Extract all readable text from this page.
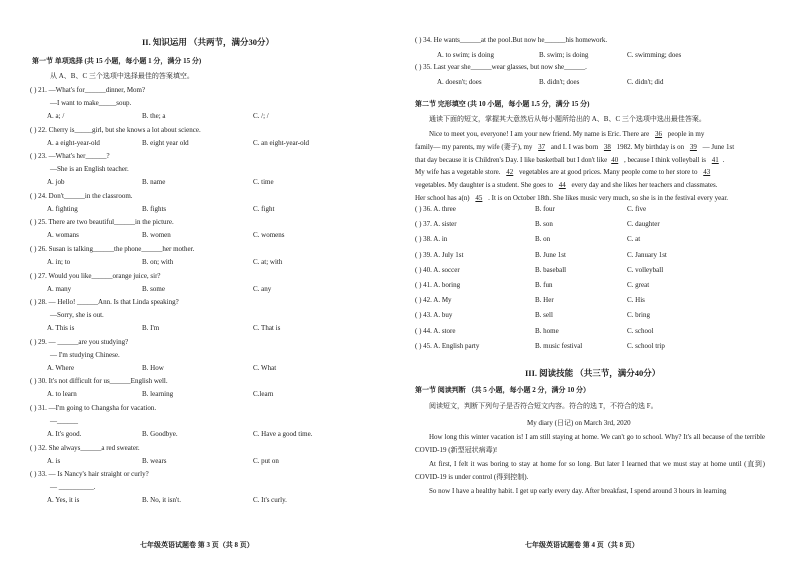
II. 知识运用 （共两节，满分30分）
第一节 单项选择 (共 15 小题，每小题 1 分，满分 15 分)
从 A、B、C 三个选项中选择最佳的答案填空。
( ) 21. —What's for______dinner, Mom?
—I want to make_____soup.
A. a; /	B. the; a	C. /; /
( ) 22. Cherry is_____girl, but she knows a lot about science.
A. a eight-year-old	B. eight year old	C. an eight-year-old
( ) 23. —What's her______?
—She is an English teacher.
A. job	B. name	C. time
( ) 24. Don't______in the classroom.
A. fighting	B. fights	C. fight
( ) 25. There are two beautiful______in the picture.
A. womans	B. women	C. womens
( ) 26. Susan is talking______the phone______her mother.
A. in; to	B. on; with	C. at; with
( ) 27. Would you like______orange juice, sir?
A. many	B. some	C. any
( ) 28. — Hello! ______Ann. Is that Linda speaking?
—Sorry, she is out.
A. This is	B. I'm	C. That is
( ) 29. — ______are you studying?
— I'm studying Chinese.
A. Where	B. How	C. What
( ) 30. It's not difficult for us______English well.
A. to learn	B. learning	C.learn
( ) 31. —I'm going to Changsha for vacation.
—______
A. It's good.	B. Goodbye.	C. Have a good time.
( ) 32. She always______a red sweater.
A. is	B. wears	C. put on
( ) 33. — Is Nancy's hair straight or curly?
— __________.
A. Yes, it is	B. No, it isn't.	C. It's curly.
七年级英语试题卷 第 3 页（共 8 页）
( ) 34. He wants______at the pool.But now he______his homework.
A. to swim; is doing	B. swim; is doing	C. swimming; does
( ) 35. Last year she______wear glasses, but now she______.
A. doesn't; does	B. didn't; does	C. didn't; did
第二节 完形填空 (共 10 小题，每小题 1.5 分，满分 15 分)
通读下面的短文，掌握其大意然后从每小题所给出的 A、B、C 三个选项中选出最佳答案。
Nice to meet you, everyone! I am your new friend. My name is Eric. There are 36 people in my
family— my parents, my wife (妻子), my 37 and I. I was born 38 1982. My birthday is on 39 — June 1st
that day because it is Children's Day. I like basketball but I don't like 40 , because I think volleyball is 41 .
My wife has a vegetable store. 42 vegetables are at good prices. Many people come to her store to 43
vegetables. My daughter is a student. She goes to 44 every day and she likes her teachers and classmates.
Her school has a(n) 45 . It is on October 18th. She likes music very much, so she is in the festival every year.
( ) 36. A. three	B. four	C. five
( ) 37. A. sister	B. son	C. daughter
( ) 38. A. in	B. on	C. at
( ) 39. A. July 1st	B. June 1st	C. January 1st
( ) 40. A. soccer	B. baseball	C. volleyball
( ) 41. A. boring	B. fun	C. great
( ) 42. A. My	B. Her	C. His
( ) 43. A. buy	B. sell	C. bring
( ) 44. A. store	B. home	C. school
( ) 45. A. English party	B. music festival	C. school trip
III. 阅读技能 （共三节，满分40分）
第一节 阅读判断 （共 5 小题，每小题 2 分，满分 10 分）
阅读短文，判断下列句子是否符合短文内容。符合的选 T，不符合的选 F。
My diary (日记) on March 3rd, 2020
How long this winter vacation is! I am still staying at home. We can't go to school. Why? It's all because of the terrible COVID-19 (新型冠状病毒)!
At first, I felt it was boring to stay at home for so long. But later I learned that we must stay at home until (直到) COVID-19 is under control (得到控制).
So now I have a healthy habit. I get up early every day. After breakfast, I spend around 3 hours in learning
七年级英语试题卷 第 4 页（共 8 页）
